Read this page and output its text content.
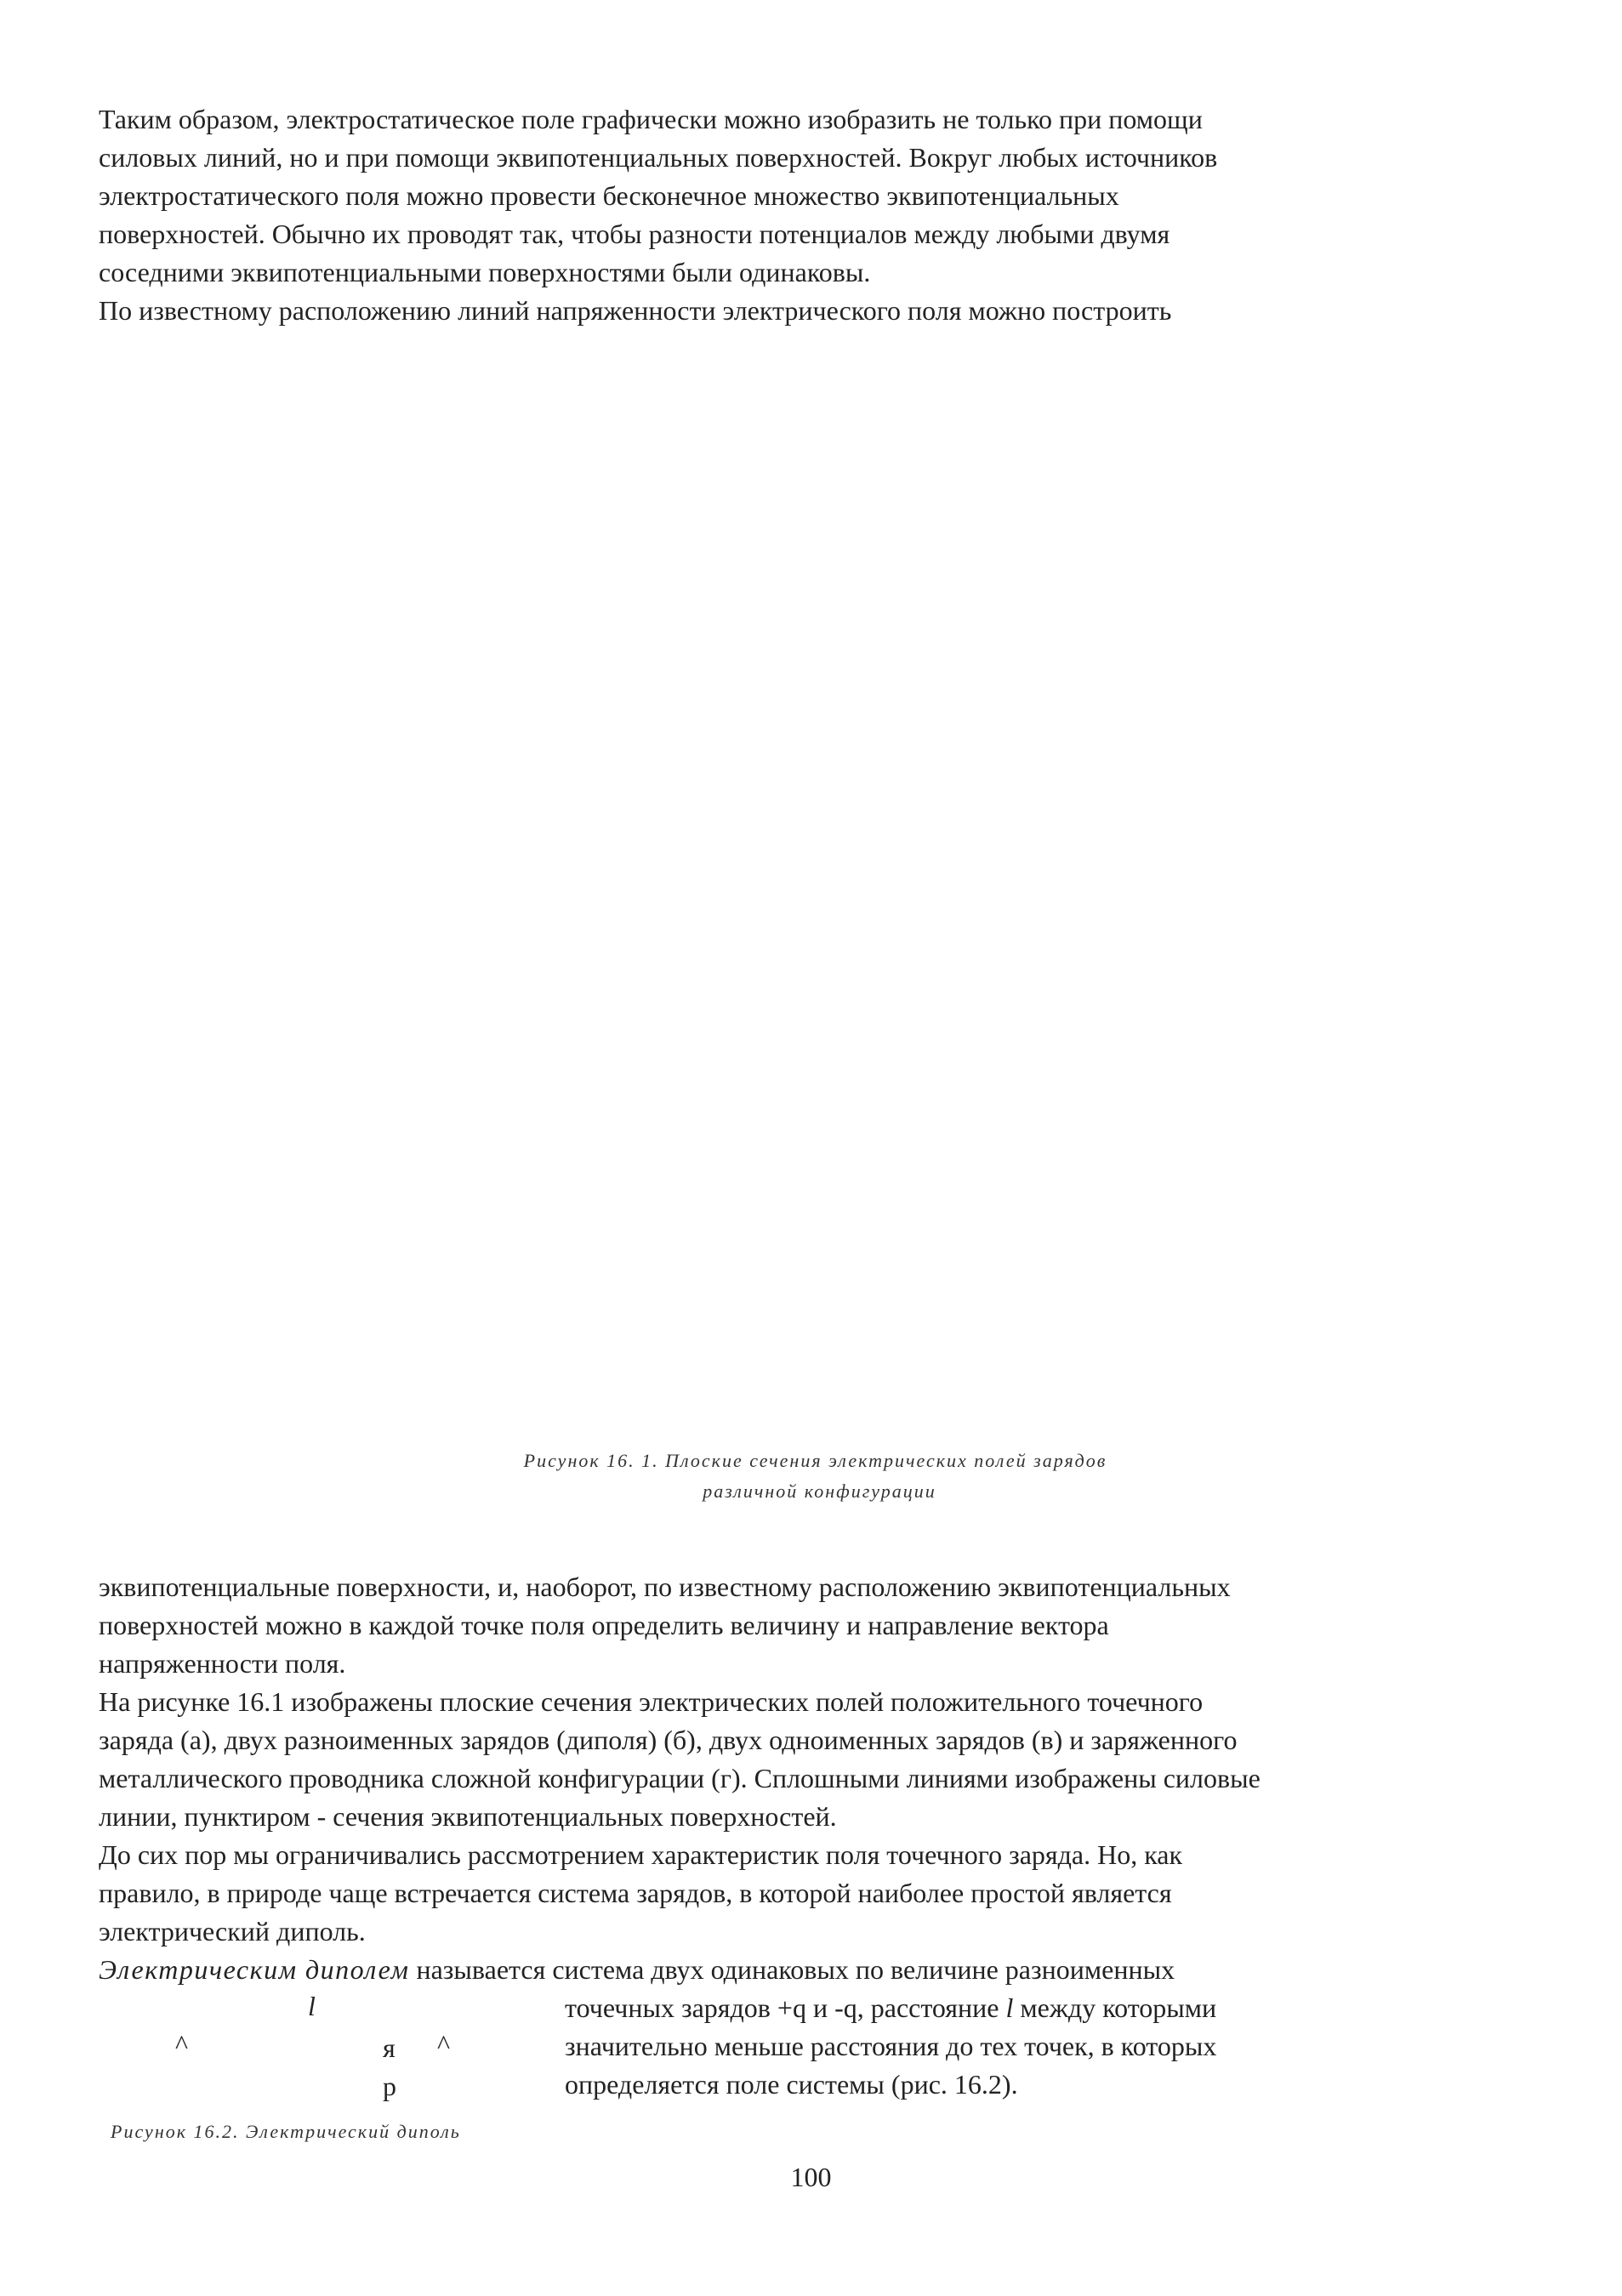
Таким образом, электростатическое поле графически можно изобразить не только при помощи
силовых линий, но и при помощи эквипотенциальных поверхностей. Вокруг любых источников
электростатического поля можно провести бесконечное множество эквипотенциальных
поверхностей. Обычно их проводят так, чтобы разности потенциалов между любыми двумя
соседними эквипотенциальными поверхностями были одинаковы.
По известному расположению линий напряженности электрического поля можно построить

Рисунок 16. 1. Плоские сечения электрических полей зарядов
различной конфигурации

эквипотенциальные поверхности, и, наоборот, по известному расположению эквипотенциальных
поверхностей можно в каждой точке поля определить величину и направление вектора
напряженности поля.
На рисунке 16.1 изображены плоские сечения электрических полей положительного точечного
заряда (а), двух разноименных зарядов (диполя) (б), двух одноименных зарядов (в) и заряженного
металлического проводника сложной конфигурации (г). Сплошными линиями изображены силовые
линии, пунктиром - сечения эквипотенциальных поверхностей.
До сих пор мы ограничивались рассмотрением характеристик поля точечного заряда. Но, как
правило, в природе чаще встречается система зарядов, в которой наиболее простой является
электрический диполь.
Электрическим диполем называется система двух одинаковых по величине разноименных

точечных зарядов +q и -q, расстояние l между которыми
значительно меньше расстояния до тех точек, в которых
определяется поле системы (рис. 16.2).
l
^	я ^
р
Рисунок 16.2. Электрический диполь
100
